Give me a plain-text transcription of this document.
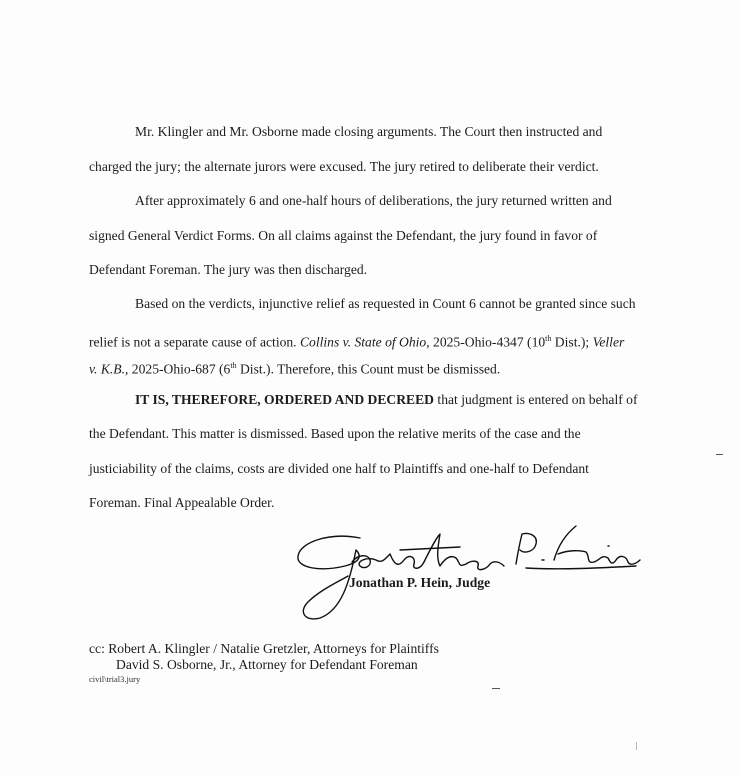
Mr. Klingler and Mr. Osborne made closing arguments. The Court then instructed and
charged the jury; the alternate jurors were excused. The jury retired to deliberate their verdict.
After approximately 6 and one-half hours of deliberations, the jury returned written and
signed General Verdict Forms. On all claims against the Defendant, the jury found in favor of
Defendant Foreman. The jury was then discharged.
Based on the verdicts, injunctive relief as requested in Count 6 cannot be granted since such
relief is not a separate cause of action. Collins v. State of Ohio, 2025-Ohio-4347 (10th Dist.); Veller
v. K.B., 2025-Ohio-687 (6th Dist.). Therefore, this Count must be dismissed.
IT IS, THEREFORE, ORDERED AND DECREED that judgment is entered on behalf of
the Defendant. This matter is dismissed. Based upon the relative merits of the case and the
justiciability of the claims, costs are divided one half to Plaintiffs and one-half to Defendant
Foreman. Final Appealable Order.
Jonathan P. Hein, Judge
cc: Robert A. Klingler / Natalie Gretzler, Attorneys for Plaintiffs
David S. Osborne, Jr., Attorney for Defendant Foreman
civil\trial3.jury
